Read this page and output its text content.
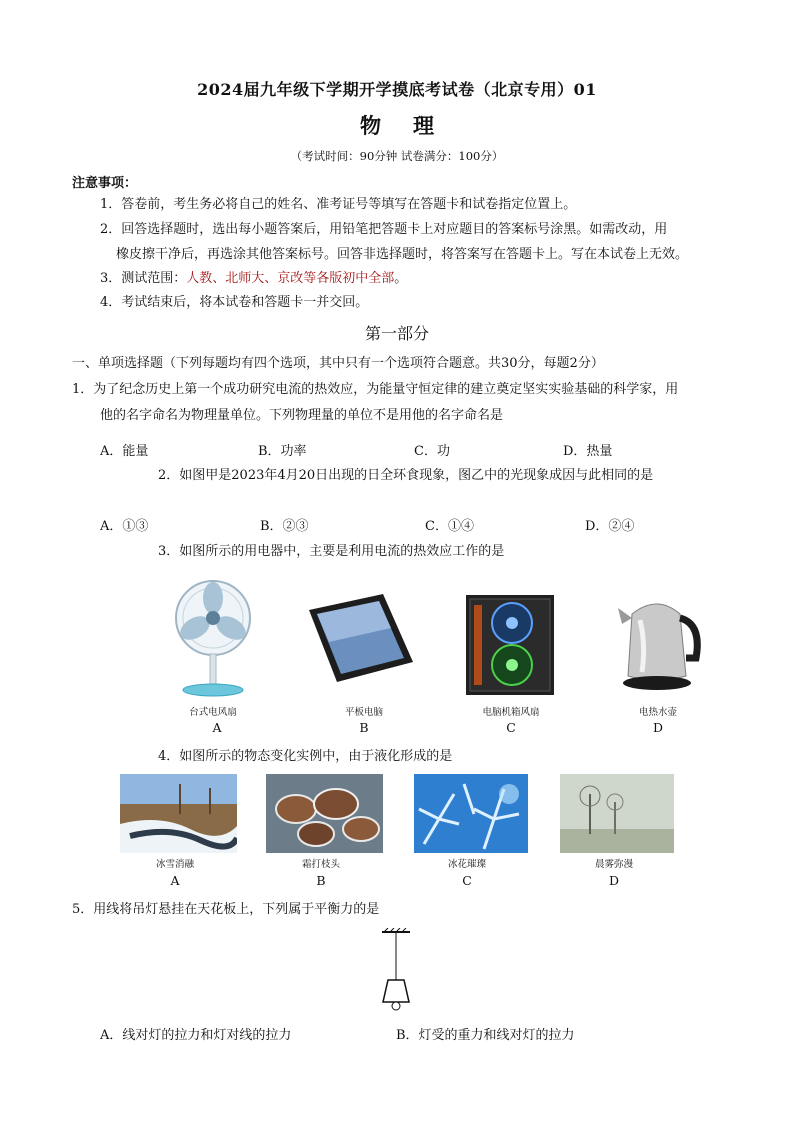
2024届九年级下学期开学摸底考试卷（北京专用）01
物 理
（考试时间：90分钟 试卷满分：100分）
注意事项：
1．答卷前，考生务必将自己的姓名、准考证号等填写在答题卡和试卷指定位置上。
2．回答选择题时，选出每小题答案后，用铅笔把答题卡上对应题目的答案标号涂黑。如需改动，用
橡皮擦干净后，再选涂其他答案标号。回答非选择题时，将答案写在答题卡上。写在本试卷上无效。
3．测试范围：人教、北师大、京改等各版初中全部。
4．考试结束后，将本试卷和答题卡一并交回。
第一部分
一、单项选择题（下列每题均有四个选项，其中只有一个选项符合题意。共30分，每题2分）
1．为了纪念历史上第一个成功研究电流的热效应，为能量守恒定律的建立奠定坚实实验基础的科学家，用
他的名字命名为物理量单位。下列物理量的单位不是用他的名字命名是
A．能量	B．功率	C．功	D．热量
2．如图甲是2023年4月20日出现的日全环食现象，图乙中的光现象成因与此相同的是
A．①③	B．②③	C．①④	D．②④
3．如图所示的用电器中，主要是利用电流的热效应工作的是
台式电风扇	平板电脑	电脑机箱风扇	电热水壶
A	B	C	D
4．如图所示的物态变化实例中，由于液化形成的是
冰雪消融	霜打枝头	冰花璀璨	晨雾弥漫
A	B	C	D
5．用线将吊灯悬挂在天花板上，下列属于平衡力的是
A．线对灯的拉力和灯对线的拉力	B．灯受的重力和线对灯的拉力
